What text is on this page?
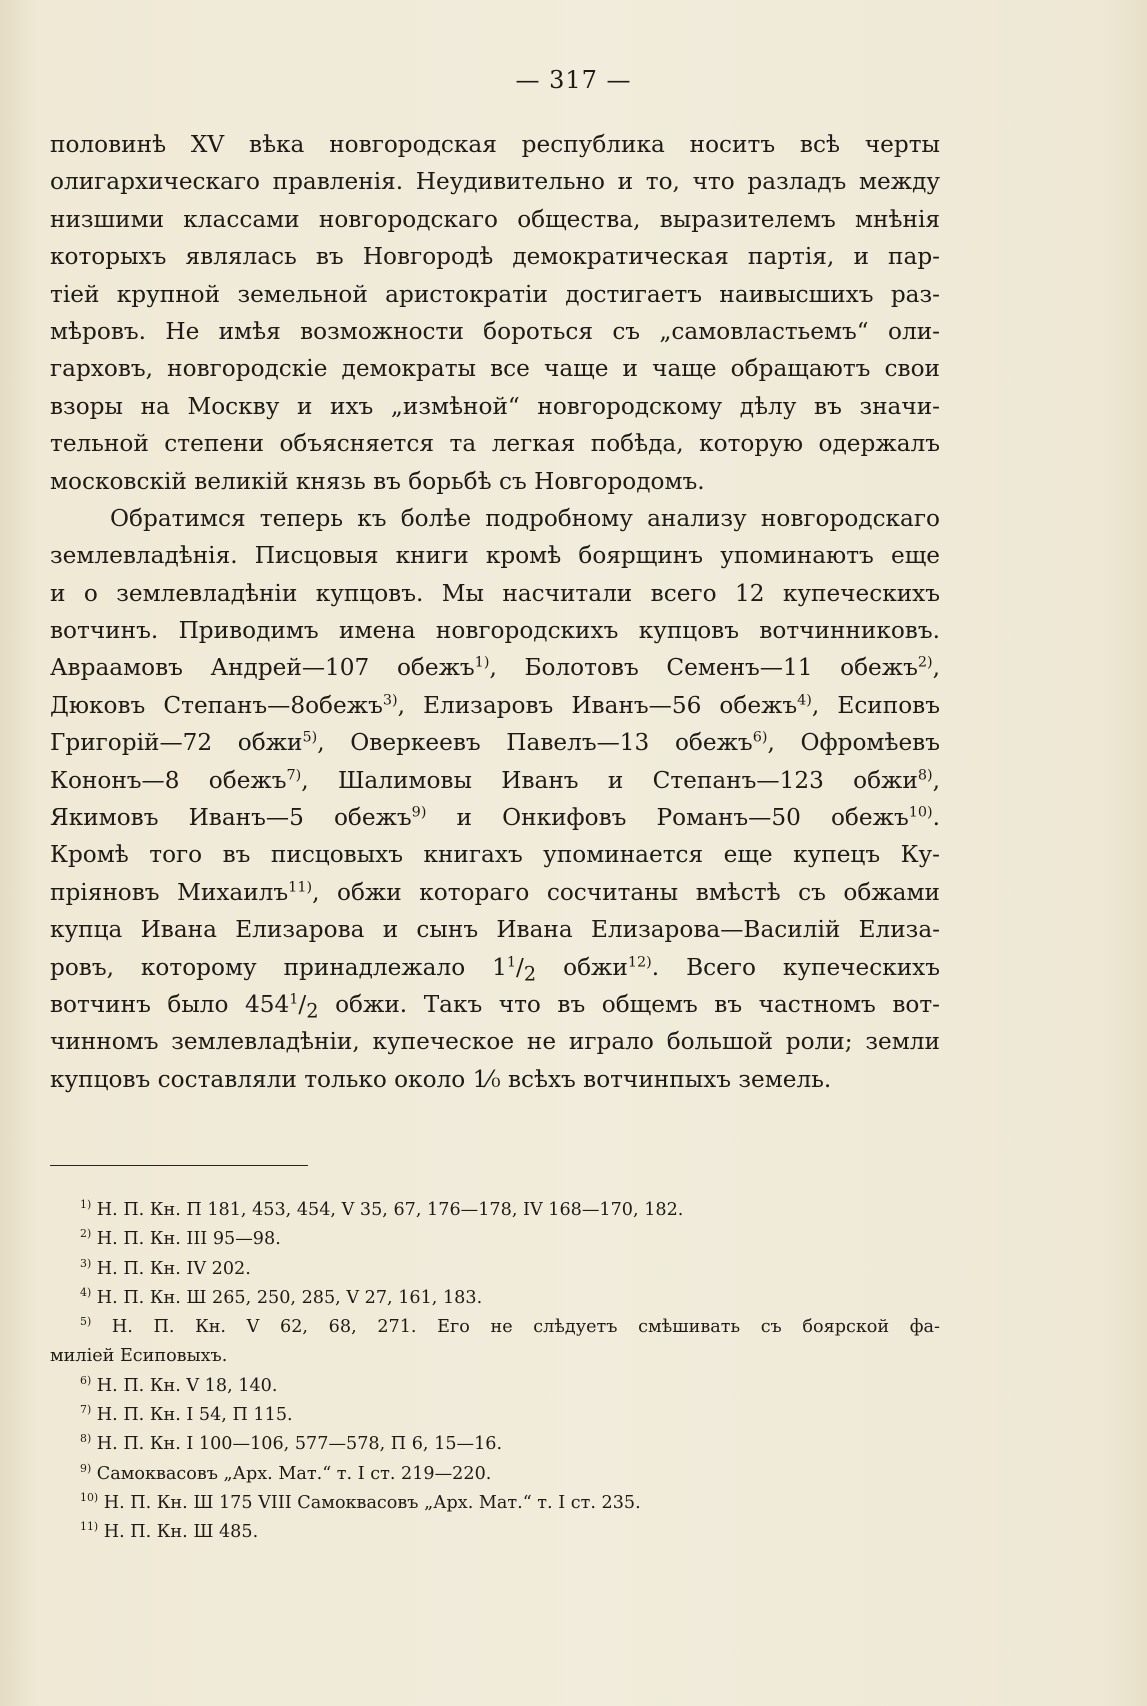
— 317 —
половинѣ XV вѣка новгородская республика носитъ всѣ черты
олигархическаго правленія. Неудивительно и то, что разладъ между
низшими классами новгородскаго общества, выразителемъ мнѣнія
которыхъ являлась въ Новгородѣ демократическая партія, и пар-
тіей крупной земельной аристократіи достигаетъ наивысшихъ раз-
мѣровъ. Не имѣя возможности бороться съ „самовластьемъ“ оли-
гарховъ, новгородскіе демократы все чаще и чаще обращаютъ свои
взоры на Москву и ихъ „измѣной“ новгородскому дѣлу въ значи-
тельной степени объясняется та легкая побѣда, которую одержалъ
московскій великій князь въ борьбѣ съ Новгородомъ.
Обратимся теперь къ болѣе подробному анализу новгородскаго
землевладѣнія. Писцовыя книги кромѣ боярщинъ упоминаютъ еще
и о землевладѣніи купцовъ. Мы насчитали всего 12 купеческихъ
вотчинъ. Приводимъ имена новгородскихъ купцовъ вотчинниковъ.
Авраамовъ Андрей—107 обежъ$^{1)}$, Болотовъ Семенъ—11 обежъ$^{2)}$,
Дюковъ Степанъ—8обежъ$^{3)}$, Елизаровъ Иванъ—56 обежъ$^{4)}$, Есиповъ
Григорій—72 обжи$^{5)}$, Оверкеевъ Павелъ—13 обежъ$^{6)}$, Офромѣевъ
Кононъ—8 обежъ$^{7)}$, Шалимовы Иванъ и Степанъ—123 обжи$^{8)}$,
Якимовъ Иванъ—5 обежъ$^{9)}$ и Онкифовъ Романъ—50 обежъ$^{10)}$.
Кромѣ того въ писцовыхъ книгахъ упоминается еще купецъ Ку-
пріяновъ Михаилъ$^{11)}$, обжи котораго сосчитаны вмѣстѣ съ обжами
купца Ивана Елизарова и сынъ Ивана Елизарова—Василій Елиза-
ровъ, которому принадлежало $1^1/_2$ обжи$^{12)}$. Всего купеческихъ
вотчинъ было $454^1/_2$ обжи. Такъ что въ общемъ въ частномъ вот-
чинномъ землевладѣніи, купеческое не играло большой роли; земли
купцовъ составляли только около 1⁄₀ всѣхъ вотчинпыхъ земель.
$^{1)}$ Н. П. Кн. П 181, 453, 454, V 35, 67, 176—178, IV 168—170, 182.
$^{2)}$ Н. П. Кн. III 95—98.
$^{3)}$ Н. П. Кн. IV 202.
$^{4)}$ Н. П. Кн. Ш 265, 250, 285, V 27, 161, 183.
$^{5)}$ Н. П. Кн. V 62, 68, 271. Его не слѣдуетъ смѣшивать съ боярской фа-
миліей Есиповыхъ.
$^{6)}$ Н. П. Кн. V 18, 140.
$^{7)}$ Н. П. Кн. I 54, П 115.
$^{8)}$ Н. П. Кн. I 100—106, 577—578, П 6, 15—16.
$^{9)}$ Самоквасовъ „Арх. Мат.“ т. I ст. 219—220.
$^{10)}$ Н. П. Кн. Ш 175 VIII Самоквасовъ „Арх. Мат.“ т. I ст. 235.
$^{11)}$ Н. П. Кн. Ш 485.
